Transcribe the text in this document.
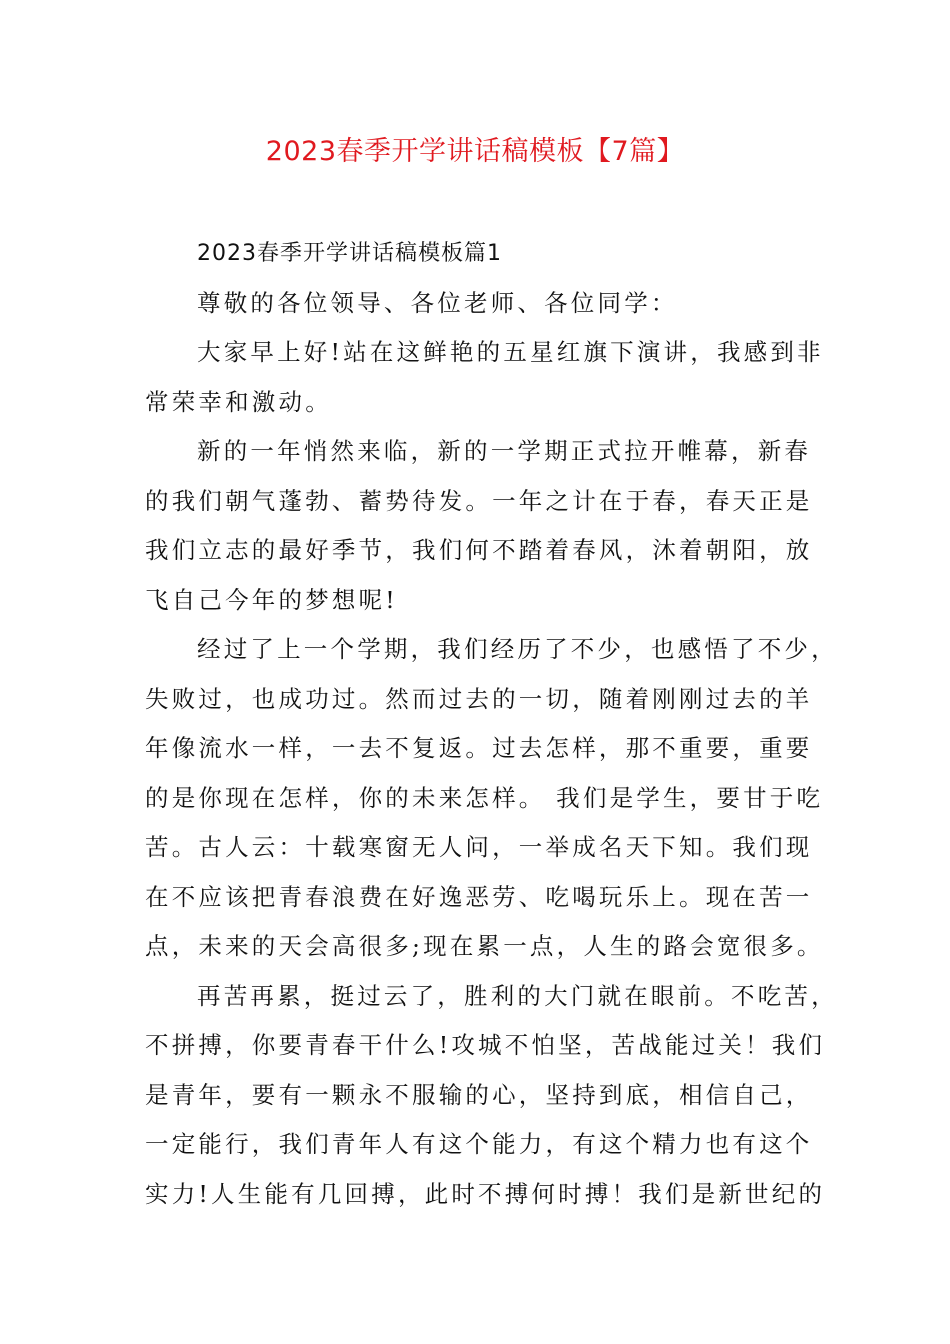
2023春季开学讲话稿模板【7篇】
2023春季开学讲话稿模板篇1
尊敬的各位领导、各位老师、各位同学：
大家早上好!站在这鲜艳的五星红旗下演讲，我感到非
常荣幸和激动。
新的一年悄然来临，新的一学期正式拉开帷幕，新春
的我们朝气蓬勃、蓄势待发。一年之计在于春，春天正是
我们立志的最好季节，我们何不踏着春风，沐着朝阳，放
飞自己今年的梦想呢!
经过了上一个学期，我们经历了不少，也感悟了不少，
失败过，也成功过。然而过去的一切，随着刚刚过去的羊
年像流水一样，一去不复返。过去怎样，那不重要，重要
的是你现在怎样，你的未来怎样。 我们是学生，要甘于吃
苦。古人云：十载寒窗无人问，一举成名天下知。我们现
在不应该把青春浪费在好逸恶劳、吃喝玩乐上。现在苦一
点，未来的天会高很多;现在累一点，人生的路会宽很多。
再苦再累，挺过云了，胜利的大门就在眼前。不吃苦，
不拼搏，你要青春干什么!攻城不怕坚，苦战能过关！我们
是青年，要有一颗永不服输的心，坚持到底，相信自己，
一定能行，我们青年人有这个能力，有这个精力也有这个
实力!人生能有几回搏，此时不搏何时搏！我们是新世纪的
